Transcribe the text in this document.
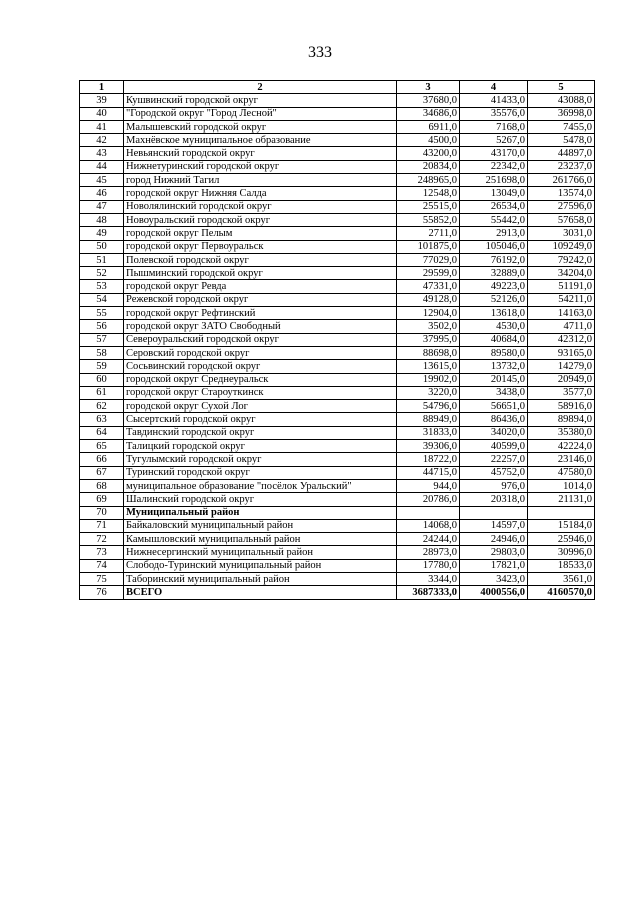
333
1	2	3	4	5
39	Кушвинский городской округ	37680,0	41433,0	43088,0
40	"Городской округ "Город Лесной"	34686,0	35576,0	36998,0
41	Малышевский городской округ	6911,0	7168,0	7455,0
42	Махнёвское муниципальное образование	4500,0	5267,0	5478,0
43	Невьянский городской округ	43200,0	43170,0	44897,0
44	Нижнетуринский городской округ	20834,0	22342,0	23237,0
45	город Нижний Тагил	248965,0	251698,0	261766,0
46	городской округ Нижняя Салда	12548,0	13049,0	13574,0
47	Новолялинский городской округ	25515,0	26534,0	27596,0
48	Новоуральский городской округ	55852,0	55442,0	57658,0
49	городской округ Пелым	2711,0	2913,0	3031,0
50	городской округ Первоуральск	101875,0	105046,0	109249,0
51	Полевской городской округ	77029,0	76192,0	79242,0
52	Пышминский городской округ	29599,0	32889,0	34204,0
53	городской округ Ревда	47331,0	49223,0	51191,0
54	Режевской городской округ	49128,0	52126,0	54211,0
55	городской округ Рефтинский	12904,0	13618,0	14163,0
56	городской округ ЗАТО Свободный	3502,0	4530,0	4711,0
57	Североуральский городской округ	37995,0	40684,0	42312,0
58	Серовский городской округ	88698,0	89580,0	93165,0
59	Сосьвинский городской округ	13615,0	13732,0	14279,0
60	городской округ Среднеуральск	19902,0	20145,0	20949,0
61	городской округ Староуткинск	3220,0	3438,0	3577,0
62	городской округ Сухой Лог	54796,0	56651,0	58916,0
63	Сысертский городской округ	88949,0	86436,0	89894,0
64	Тавдинский городской округ	31833,0	34020,0	35380,0
65	Талицкий городской округ	39306,0	40599,0	42224,0
66	Тугулымский городской округ	18722,0	22257,0	23146,0
67	Туринский городской округ	44715,0	45752,0	47580,0
68	муниципальное образование "посёлок Уральский"	944,0	976,0	1014,0
69	Шалинский городской округ	20786,0	20318,0	21131,0
70	Муниципальный район			
71	Байкаловский муниципальный район	14068,0	14597,0	15184,0
72	Камышловский муниципальный район	24244,0	24946,0	25946,0
73	Нижнесергинский муниципальный район	28973,0	29803,0	30996,0
74	Слободо-Туринский муниципальный район	17780,0	17821,0	18533,0
75	Таборинский муниципальный район	3344,0	3423,0	3561,0
76	ВСЕГО	3687333,0	4000556,0	4160570,0
